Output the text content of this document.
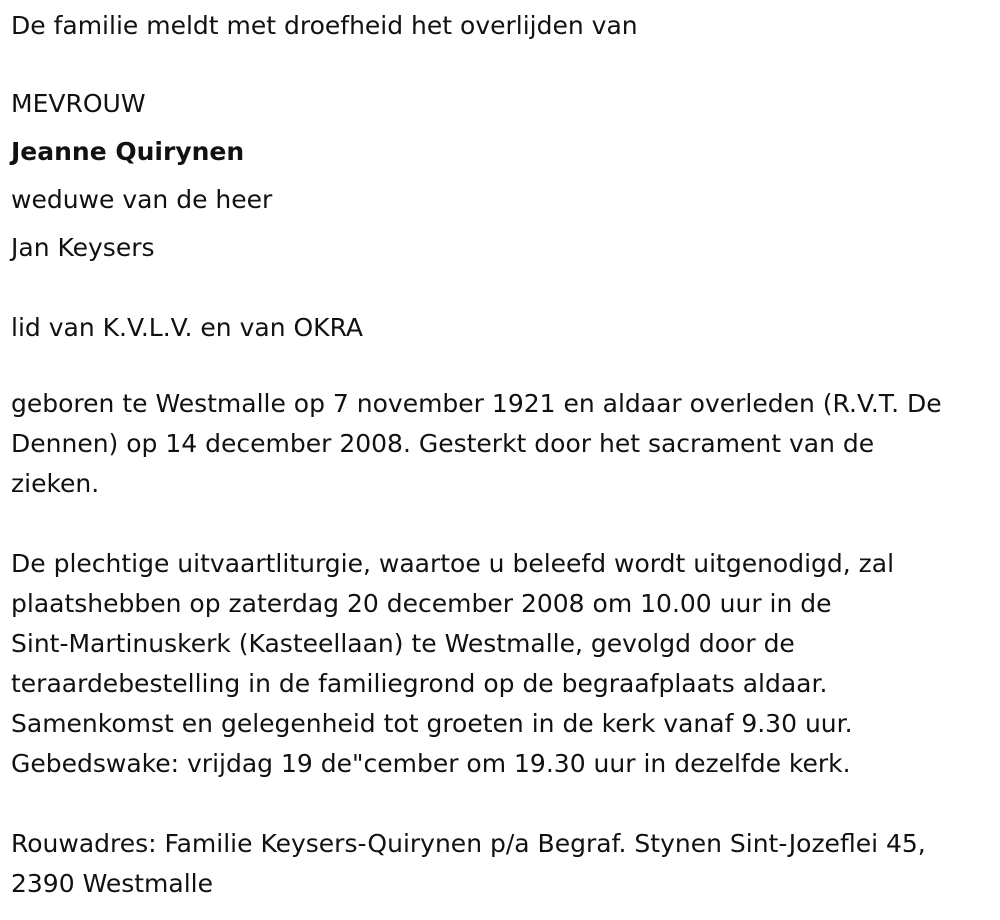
De familie meldt met droefheid het overlijden van

MEVROUW

Jeanne Quirynen

weduwe van de heer

Jan Keysers

lid van K.V.L.V. en van OKRA

geboren te Westmalle op 7 november 1921 en aldaar overleden (R.V.T. De

Dennen) op 14 december 2008. Gesterkt door het sacrament van de

zieken.

De plechtige uitvaartliturgie, waartoe u beleefd wordt uitgenodigd, zal

plaatshebben op zaterdag 20 december 2008 om 10.00 uur in de

Sint-Martinuskerk (Kasteellaan) te Westmalle, gevolgd door de

teraardebestelling in de familiegrond op de begraafplaats aldaar.

Samenkomst en gelegenheid tot groeten in de kerk vanaf 9.30 uur.

Gebedswake: vrijdag 19 de"cember om 19.30 uur in dezelfde kerk.

Rouwadres: Familie Keysers-Quirynen p/a Begraf. Stynen Sint-Jozeflei 45,

2390 Westmalle
